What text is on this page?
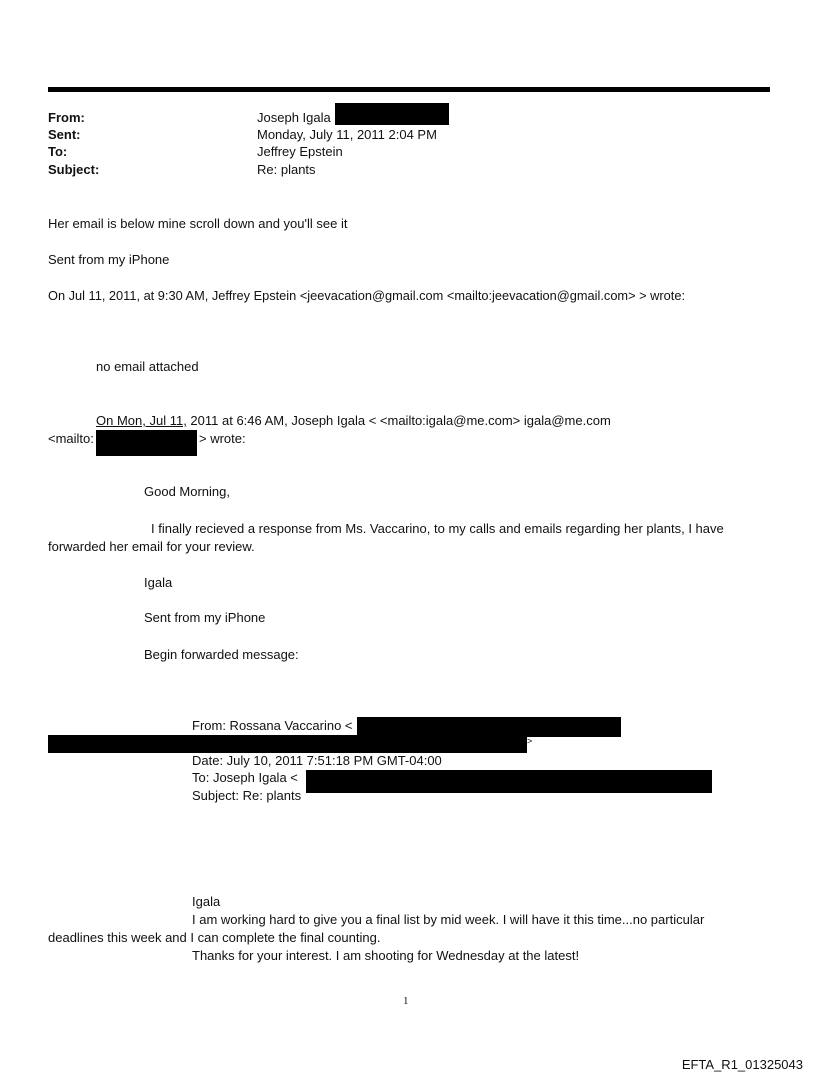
From:	Joseph Igala
Sent:	Monday, July 11, 2011 2:04 PM
To:	Jeffrey Epstein
Subject:	Re: plants
Her email is below mine scroll down and you'll see it
Sent from my iPhone
On Jul 11, 2011, at 9:30 AM, Jeffrey Epstein <jeevacation@gmail.com <mailto:jeevacation@gmail.com> > wrote:
no email attached
On Mon, Jul 11, 2011 at 6:46 AM, Joseph Igala < <mailto:igala@me.com> igala@me.com
<mailto:	> wrote:
Good Morning,
I finally recieved a response from Ms. Vaccarino, to my calls and emails regarding her plants, I have
forwarded her email for your review.
Igala
Sent from my iPhone
Begin forwarded message:
From: Rossana Vaccarino <
>
Date: July 10, 2011 7:51:18 PM GMT-04:00
To: Joseph Igala <
Subject: Re: plants
Igala
I am working hard to give you a final list by mid week. I will have it this time...no particular
deadlines this week and I can complete the final counting.
Thanks for your interest. I am shooting for Wednesday at the latest!
1
EFTA_R1_01325043
